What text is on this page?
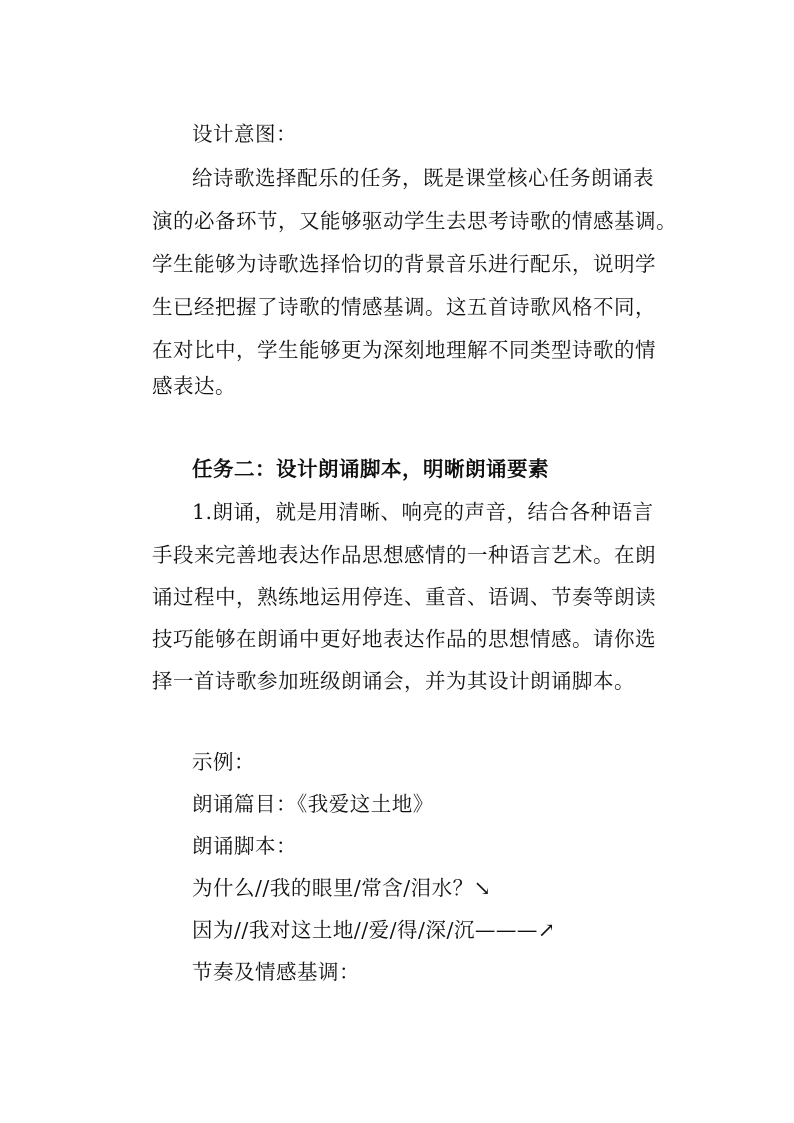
设计意图：
给诗歌选择配乐的任务，既是课堂核心任务朗诵表
演的必备环节，又能够驱动学生去思考诗歌的情感基调。
学生能够为诗歌选择恰切的背景音乐进行配乐，说明学
生已经把握了诗歌的情感基调。这五首诗歌风格不同，
在对比中，学生能够更为深刻地理解不同类型诗歌的情
感表达。
任务二：设计朗诵脚本，明晰朗诵要素
1.朗诵，就是用清晰、响亮的声音，结合各种语言
手段来完善地表达作品思想感情的一种语言艺术。在朗
诵过程中，熟练地运用停连、重音、语调、节奏等朗读
技巧能够在朗诵中更好地表达作品的思想情感。请你选
择一首诗歌参加班级朗诵会，并为其设计朗诵脚本。
示例：
朗诵篇目：《我爱这土地》
朗诵脚本：
为什么//我的眼里/常含/泪水？↘
因为//我对这土地//爱/得/深/沉———↗
节奏及情感基调：
